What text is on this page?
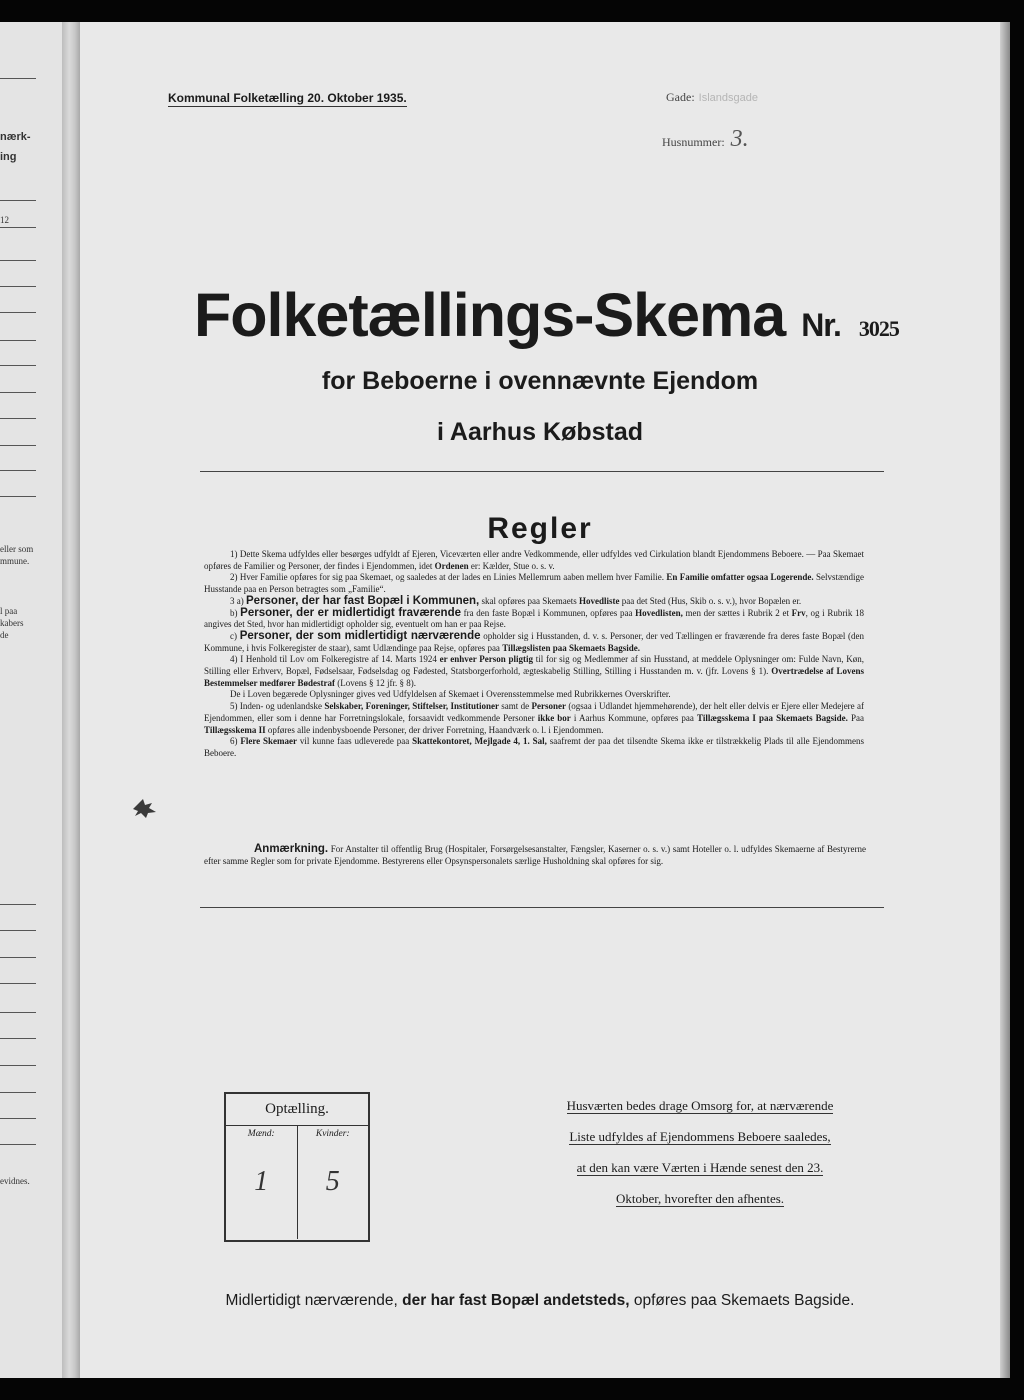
nærk-
ing
12
eller som
mmune.
l paa
kabers
de
evidnes.
Kommunal Folketælling 20. Oktober 1935.	Gade: Islandsgade
Husnummer: 3.
Folketællings-Skema Nr. 3025
for Beboerne i ovennævnte Ejendom
i Aarhus Købstad
Regler

1) Dette Skema udfyldes eller besørges udfyldt af Ejeren, Viceværten eller andre Vedkommende, eller udfyldes ved Cirkulation blandt Ejendommens Beboere. — Paa Skemaet opføres de Familier og Personer, der findes i Ejendommen, idet Ordenen er: Kælder, Stue o. s. v.

2) Hver Familie opføres for sig paa Skemaet, og saaledes at der lades en Linies Mellemrum aaben mellem hver Familie. En Familie omfatter ogsaa Logerende. Selvstændige Husstande paa en Person betragtes som „Familie“.

3 a) Personer, der har fast Bopæl i Kommunen, skal opføres paa Skemaets Hovedliste paa det Sted (Hus, Skib o. s. v.), hvor Bopælen er.

b) Personer, der er midlertidigt fraværende fra den faste Bopæl i Kommunen, opføres paa Hovedlisten, men der sættes i Rubrik 2 et Frv, og i Rubrik 18 angives det Sted, hvor han midlertidigt opholder sig, eventuelt om han er paa Rejse.

c) Personer, der som midlertidigt nærværende opholder sig i Husstanden, d. v. s. Personer, der ved Tællingen er fraværende fra deres faste Bopæl (den Kommune, i hvis Folkeregister de staar), samt Udlændinge paa Rejse, opføres paa Tillægslisten paa Skemaets Bagside.

4) I Henhold til Lov om Folkeregistre af 14. Marts 1924 er enhver Person pligtig til for sig og Medlemmer af sin Husstand, at meddele Oplysninger om: Fulde Navn, Køn, Stilling eller Erhverv, Bopæl, Fødselsaar, Fødselsdag og Fødested, Statsborgerforhold, ægteskabelig Stilling, Stilling i Husstanden m. v. (jfr. Lovens § 1). Overtrædelse af Lovens Bestemmelser medfører Bødestraf (Lovens § 12 jfr. § 8).

De i Loven begærede Oplysninger gives ved Udfyldelsen af Skemaet i Overensstemmelse med Rubrikkernes Overskrifter.

5) Inden- og udenlandske Selskaber, Foreninger, Stiftelser, Institutioner samt de Personer (ogsaa i Udlandet hjemmehørende), der helt eller delvis er Ejere eller Medejere af Ejendommen, eller som i denne har Forretningslokale, forsaavidt vedkommende Personer ikke bor i Aarhus Kommune, opføres paa Tillægsskema I paa Skemaets Bagside. Paa Tillægsskema II opføres alle indenbysboende Personer, der driver Forretning, Haandværk o. l. i Ejendommen.

6) Flere Skemaer vil kunne faas udleverede paa Skattekontoret, Mejlgade 4, 1. Sal, saafremt der paa det tilsendte Skema ikke er tilstrækkelig Plads til alle Ejendommens Beboere.

Anmærkning. For Anstalter til offentlig Brug (Hospitaler, Forsørgelsesanstalter, Fængsler, Kaserner o. s. v.) samt Hoteller o. l. udfyldes Skemaerne af Bestyrerne efter samme Regler som for private Ejendomme. Bestyrerens eller Opsynspersonalets særlige Husholdning skal opføres for sig.

Optælling.
Mænd:
1
Kvinder:
5
Husværten bedes drage Omsorg for, at nærværende
Liste udfyldes af Ejendommens Beboere saaledes,
at den kan være Værten i Hænde senest den 23.
Oktober, hvorefter den afhentes.
Midlertidigt nærværende, der har fast Bopæl andetsteds, opføres paa Skemaets Bagside.
